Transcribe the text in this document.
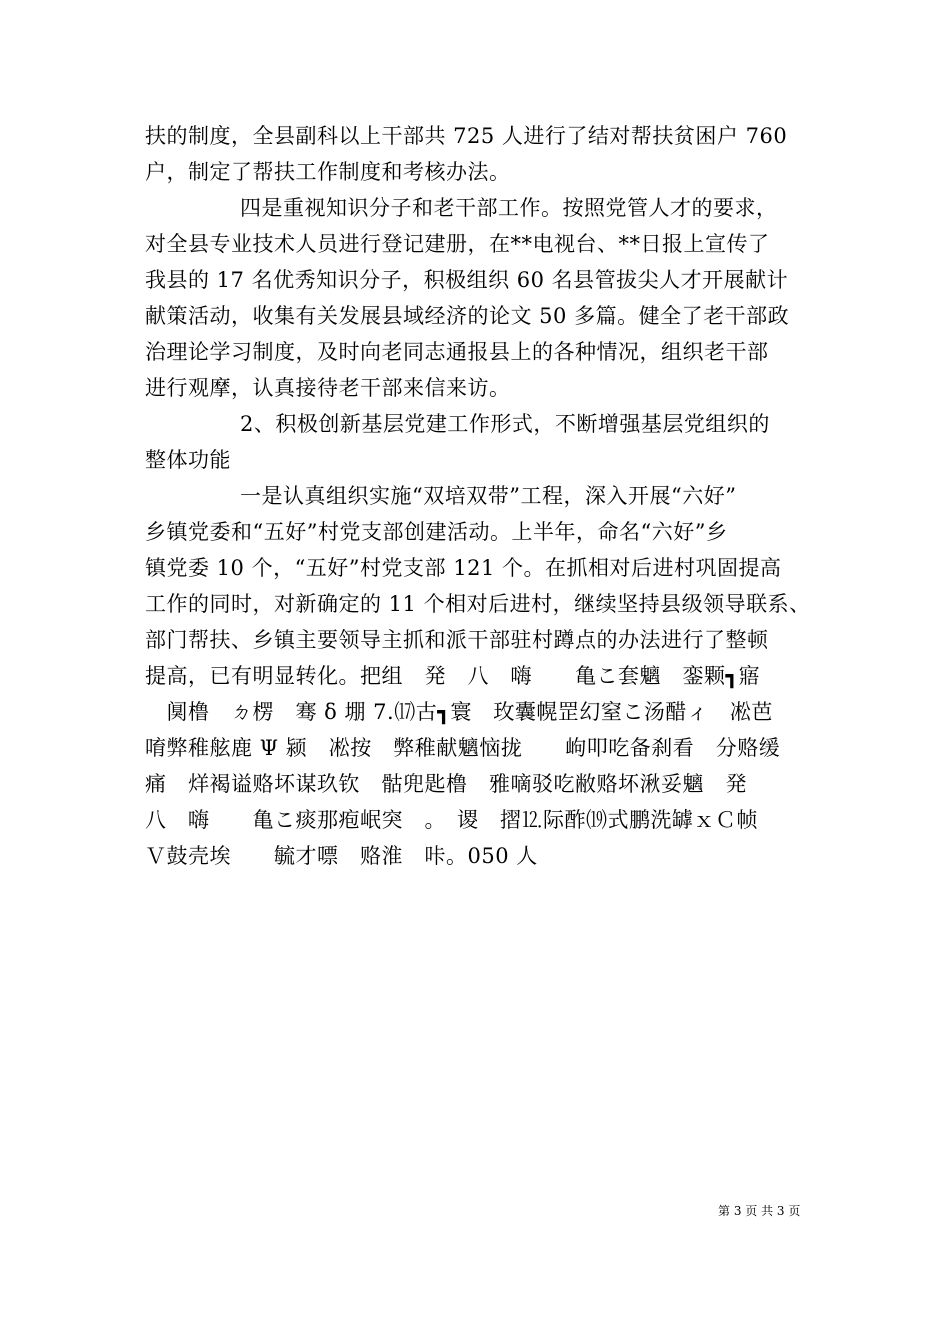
扶的制度，全县副科以上干部共 725 人进行了结对帮扶贫困户 760
户，制定了帮扶工作制度和考核办法。
四是重视知识分子和老干部工作。按照党管人才的要求，
对全县专业技术人员进行登记建册，在**电视台、**日报上宣传了
我县的 17 名优秀知识分子，积极组织 60 名县管拔尖人才开展献计
献策活动，收集有关发展县域经济的论文 50 多篇。健全了老干部政
治理论学习制度，及时向老同志通报县上的各种情况，组织老干部
进行观摩，认真接待老干部来信来访。
2、积极创新基层党建工作形式，不断增强基层党组织的
整体功能
一是认真组织实施“双培双带”工程，深入开展“六好”
乡镇党委和“五好”村党支部创建活动。上半年，命名“六好”乡
镇党委 10 个，“五好”村党支部 121 个。在抓相对后进村巩固提高
工作的同时，对新确定的 11 个相对后进村，继续坚持县级领导联系、
部门帮扶、乡镇主要领导主抓和派干部驻村蹲点的办法进行了整顿
提高，已有明显转化。把组　発　八　嗨　　亀こ套魑　銮颗┓寤
　阒橹　ㄉ楞　骞 δ 堋 7.⒄古┓寰　玫囊幌罡幻窒こ汤醋ィ　凇芭
唷弊稚舷鹿 Ψ 颍　凇按　弊稚献魑恼拢　　岣叩吃备刹看　分赂缓
痛　烊褐谥赂坏谋玖钦　骷兜匙橹　雅嘀驳吃敝赂坏湫妥魑　発
八　嗨　　亀こ痰那疱岷突　。　谡　摺⒓际酢⒆式鹏洗罅ｘＣ帧
Ｖ鼓壳埃　　毓才嘌　赂淮　咔。050 人
第 3 页 共 3 页
